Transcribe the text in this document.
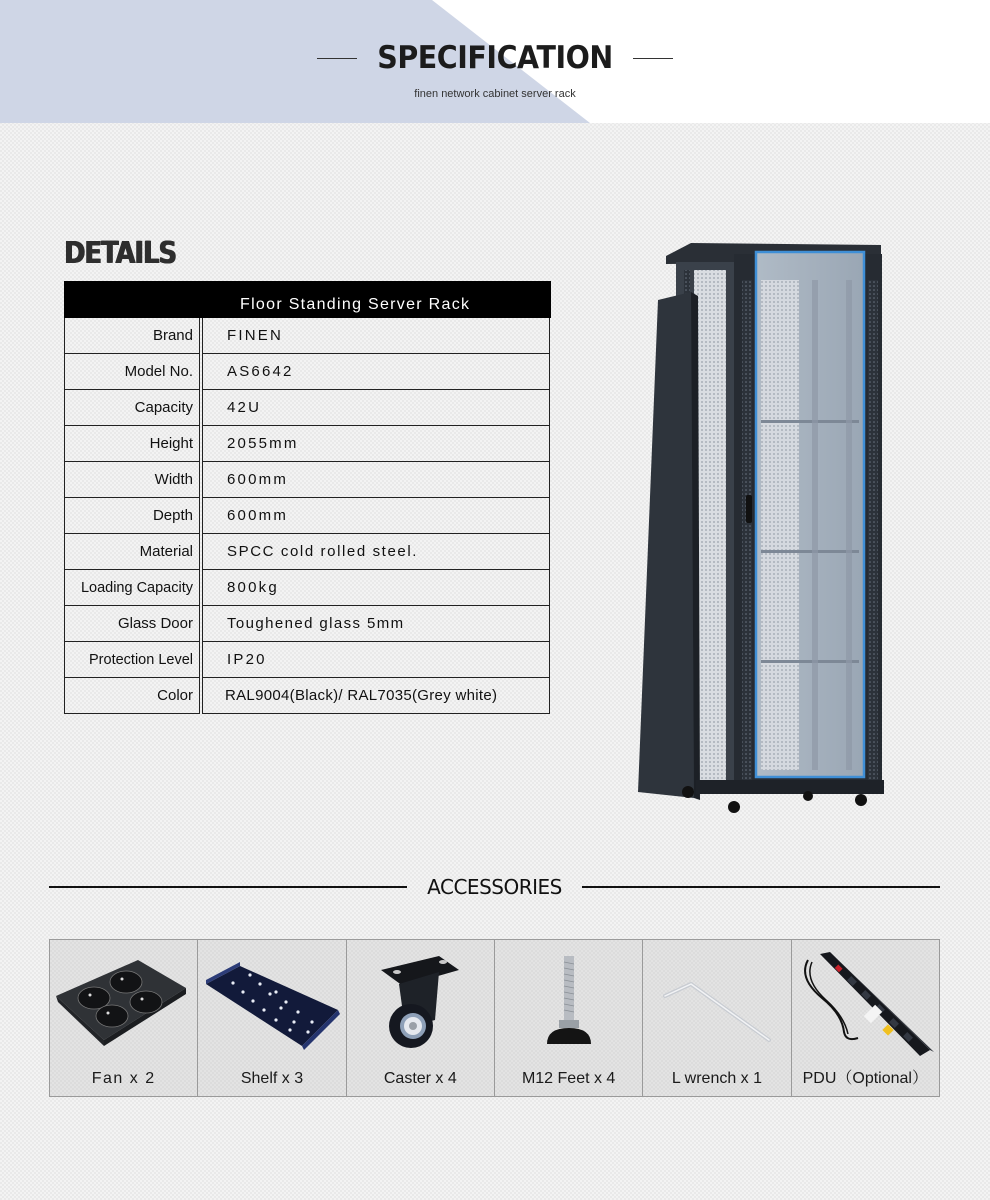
SPECIFICATION
finen network cabinet server rack
DETAILS
Floor Standing Server Rack
Brand	FINEN
Model No.	AS6642
Capacity	42U
Height	2055mm
Width	600mm
Depth	600mm
Material	SPCC cold rolled steel.
Loading Capacity	800kg
Glass Door	Toughened glass 5mm
Protection Level	IP20
Color	RAL9004(Black)/ RAL7035(Grey white)
ACCESSORIES
Fan x 2	Shelf x 3	Caster x 4	M12 Feet x 4	L wrench x 1	PDU（Optional）
